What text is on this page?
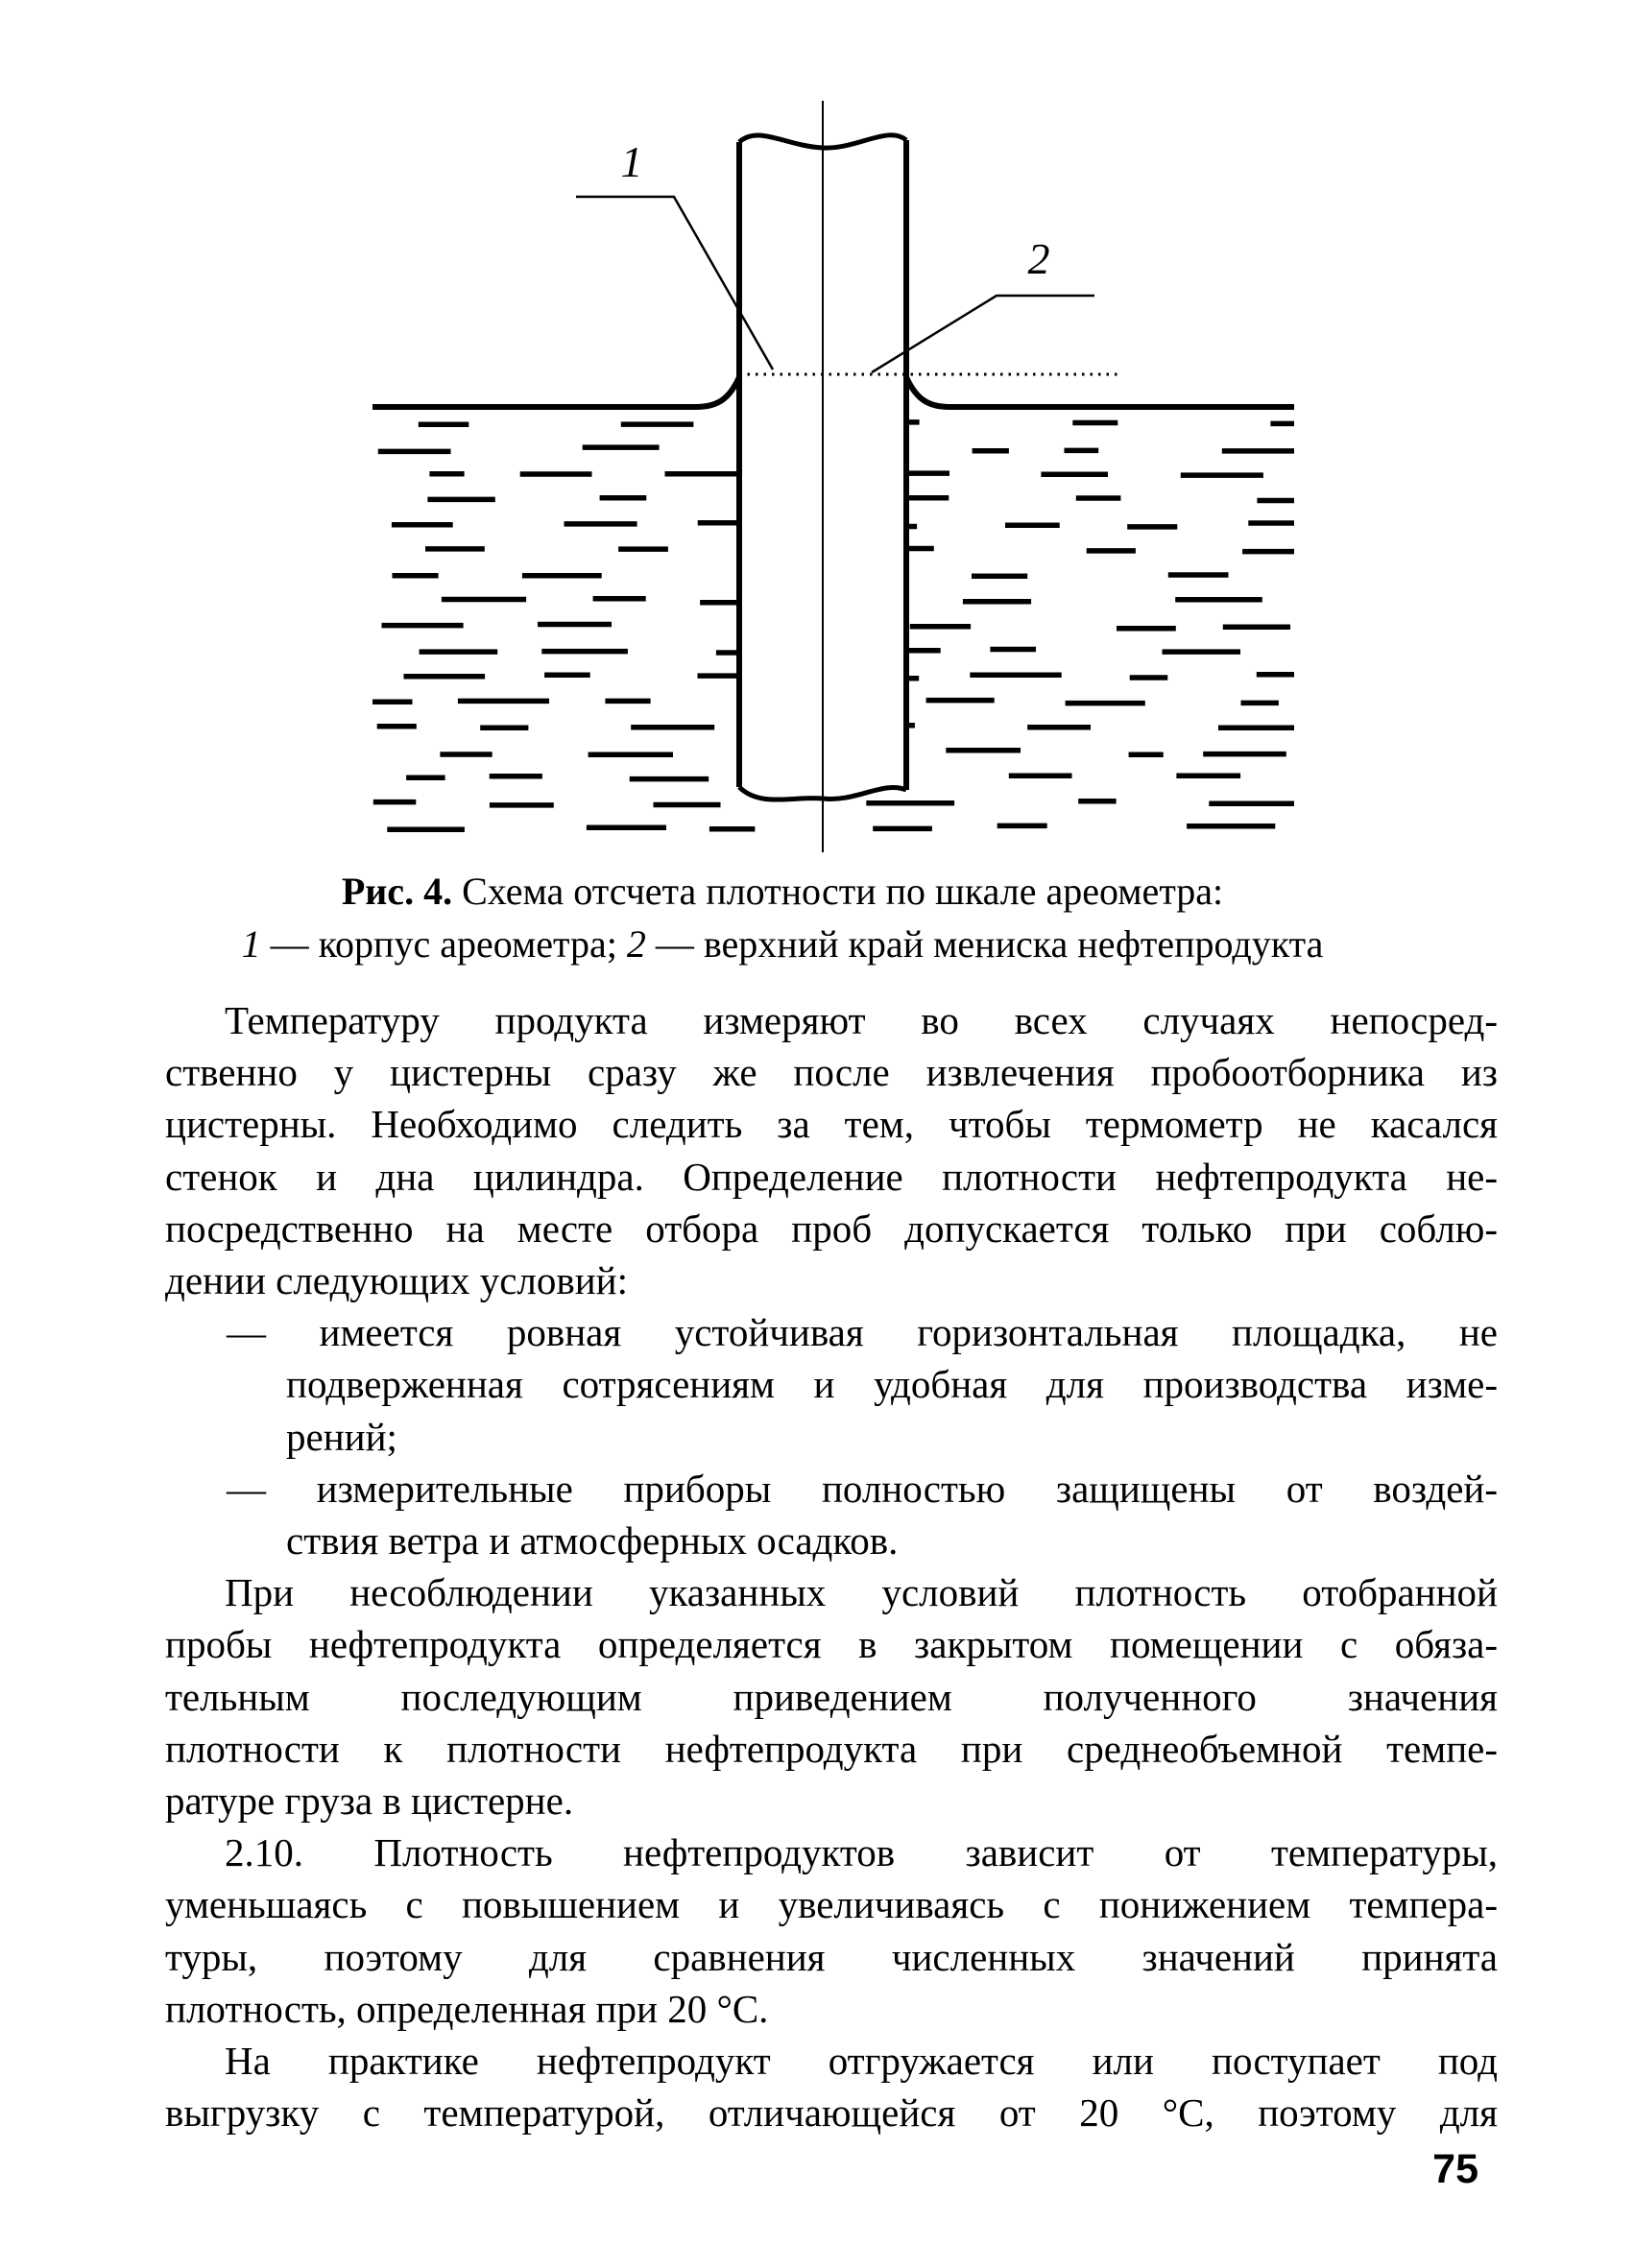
1
2
Рис. 4. Схема отсчета плотности по шкале ареометра:
1 — корпус ареометра; 2 — верхний край мениска нефтепродукта
Температуру продукта измеряют во всех случаях непосред-
ственно у цистерны сразу же после извлечения пробоотборника из
цистерны. Необходимо следить за тем, чтобы термометр не касался
стенок и дна цилиндра. Определение плотности нефтепродукта не-
посредственно на месте отбора проб допускается только при соблю-
дении следующих условий:
— имеется ровная устойчивая горизонтальная площадка, не
подверженная сотрясениям и удобная для производства изме-
рений;
— измерительные приборы полностью защищены от воздей-
ствия ветра и атмосферных осадков.
При несоблюдении указанных условий плотность отобранной
пробы нефтепродукта определяется в закрытом помещении с обяза-
тельным последующим приведением полученного значения
плотности к плотности нефтепродукта при среднеобъемной темпе-
ратуре груза в цистерне.
2.10. Плотность нефтепродуктов зависит от температуры,
уменьшаясь с повышением и увеличиваясь с понижением темпера-
туры, поэтому для сравнения численных значений принята
плотность, определенная при 20 °С.
На практике нефтепродукт отгружается или поступает под
выгрузку с температурой, отличающейся от 20 °С, поэтому для
75
